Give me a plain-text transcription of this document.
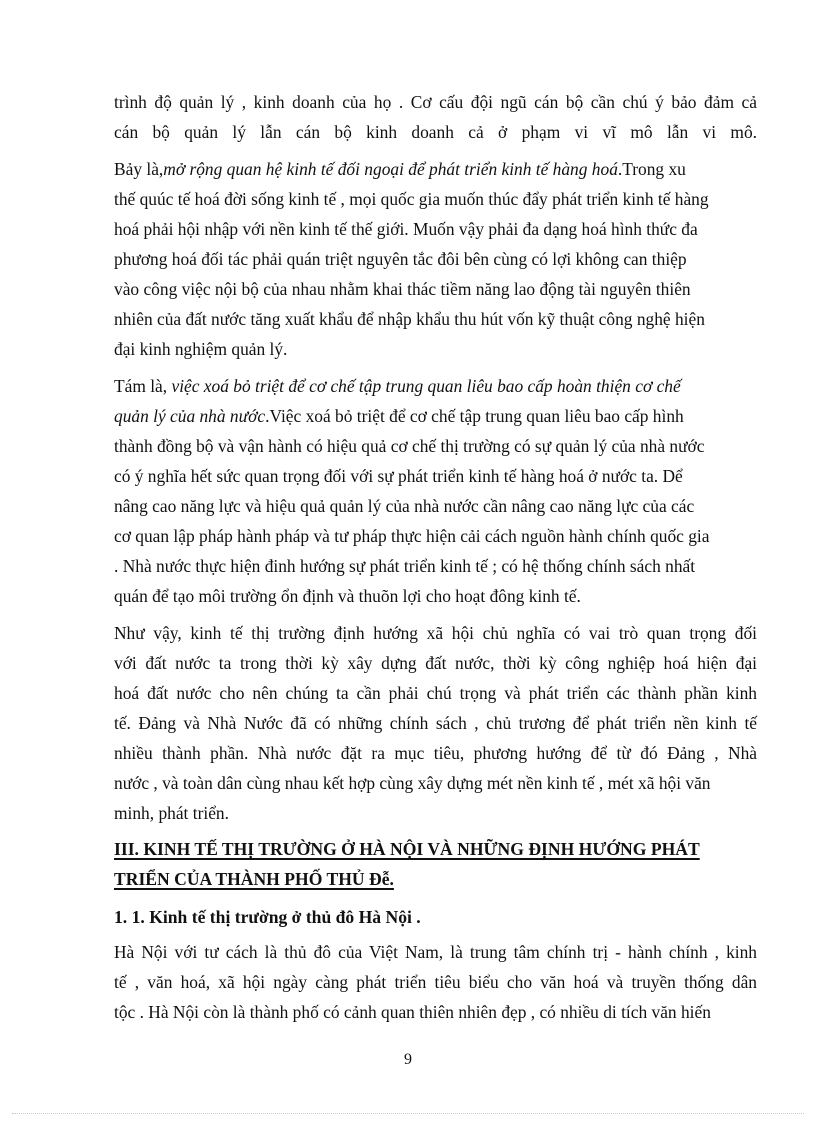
trình độ quản lý , kinh doanh của họ . Cơ cấu đội ngũ cán bộ cần chú ý bảo đảm cả
cán bộ quản lý lẫn cán bộ kinh doanh cả ở phạm vi vĩ mô lẫn vi mô.
Bảy là,mở rộng quan hệ kinh tế đối ngoại để phát triển kinh tế hàng hoá.Trong xu
thế quúc tế hoá đời sống kinh tế , mọi quốc gia muốn thúc đẩy phát triển kinh tế hàng
hoá phải hội nhập với nền kinh tế thế giới. Muốn vậy phải đa dạng hoá hình thức đa
phương hoá đối tác phải quán triệt nguyên tắc đôi bên cùng có lợi không can thiệp
vào công việc nội bộ của nhau nhằm khai thác tiềm năng lao động tài nguyên thiên
nhiên của đất nước tăng xuất khẩu để nhập khẩu thu hút vốn kỹ thuật công nghệ hiện
đại kinh nghiệm quản lý.
Tám là, việc xoá bỏ triệt để cơ chế tập trung quan liêu bao cấp hoàn thiện cơ chế
quản lý của nhà nước.Việc xoá bỏ triệt để cơ chế tập trung quan liêu bao cấp hình
thành đồng bộ và vận hành có hiệu quả cơ chế thị trường có sự quản lý của nhà nước
có ý nghĩa hết sức quan trọng đối với sự phát triển kinh tế hàng hoá ở nước ta. Dể
nâng cao năng lực và hiệu quả quản lý của nhà nước cần nâng cao năng lực của các
cơ quan lập pháp hành pháp và tư pháp thực hiện cải cách nguồn hành chính quốc gia
. Nhà nước thực hiện đinh hướng sự phát triển kinh tế ; có hệ thống chính sách nhất
quán để tạo môi trường ổn định và thuõn lợi cho hoạt đông kinh tế.
Như vậy, kinh tế thị trường định hướng xã hội chủ nghĩa có vai trò quan trọng đối
với đất nước ta trong thời kỳ xây dựng đất nước, thời kỳ công nghiệp hoá hiện đại
hoá đất nước cho nên chúng ta cần phải chú trọng và phát triển các thành phần kinh
tế. Đảng và Nhà Nước đã có những chính sách , chủ trương để phát triển nền kinh tế
nhiều thành phần. Nhà nước đặt ra mục tiêu, phương hướng để từ đó Đảng , Nhà
nước , và toàn dân cùng nhau kết hợp cùng xây dựng mét nền kinh tế , mét xã hội văn
minh, phát triển.
III. KINH TẾ THỊ TRƯỜNG Ở HÀ NỘI VÀ NHỮNG ĐỊNH HƯỚNG PHÁT
TRIỂN CỦA THÀNH PHỐ THỦ Đễ.
1. 1. Kinh tế thị trường ở thủ đô Hà Nội .
Hà Nội với tư cách là thủ đô của Việt Nam, là trung tâm chính trị - hành chính , kinh
tế , văn hoá, xã hội ngày càng phát triển tiêu biểu cho văn hoá và truyền thống dân
tộc . Hà Nội còn là thành phố có cảnh quan thiên nhiên đẹp , có nhiều di tích văn hiến
9
